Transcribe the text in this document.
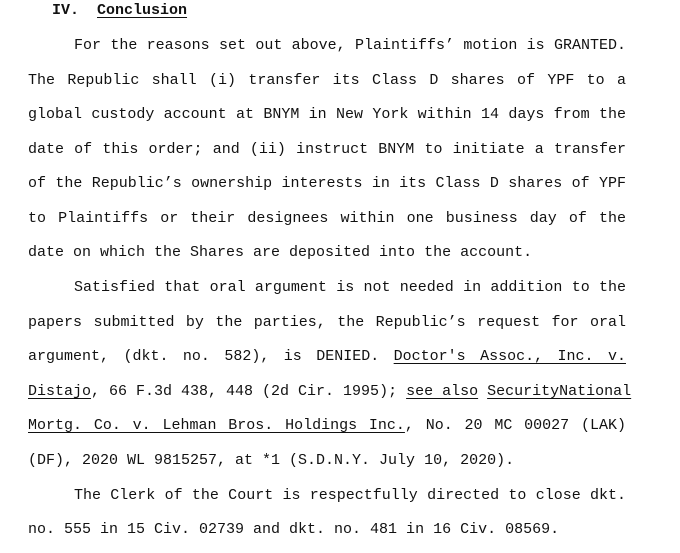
IV. Conclusion
For the reasons set out above, Plaintiffs’ motion is GRANTED.
The Republic shall (i) transfer its Class D shares of YPF to a
global custody account at BNYM in New York within 14 days from the
date of this order; and (ii) instruct BNYM to initiate a transfer
of the Republic’s ownership interests in its Class D shares of YPF
to Plaintiffs or their designees within one business day of the
date on which the Shares are deposited into the account.
Satisfied that oral argument is not needed in addition to the
papers submitted by the parties, the Republic’s request for oral
argument, (dkt. no. 582), is DENIED. Doctor's Assoc., Inc. v.
Distajo, 66 F.3d 438, 448 (2d Cir. 1995); see also SecurityNational
Mortg. Co. v. Lehman Bros. Holdings Inc., No. 20 MC 00027 (LAK)
(DF), 2020 WL 9815257, at *1 (S.D.N.Y. July 10, 2020).
The Clerk of the Court is respectfully directed to close dkt.
no. 555 in 15 Civ. 02739 and dkt. no. 481 in 16 Civ. 08569.
